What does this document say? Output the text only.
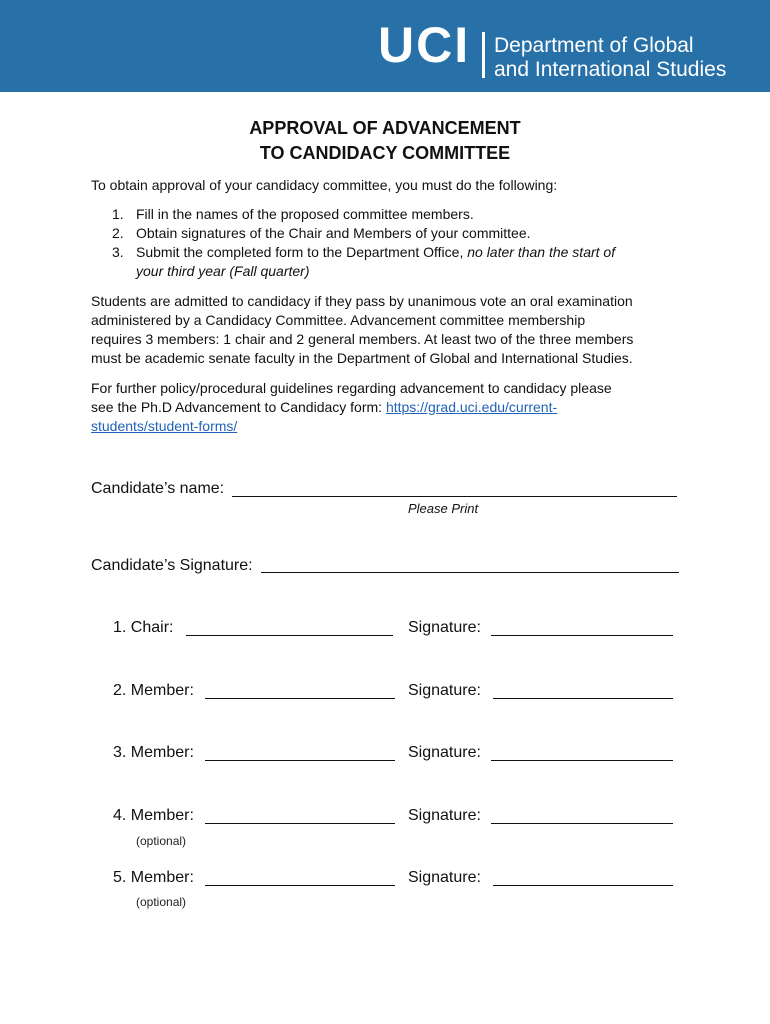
UCI Department of Global
and International Studies
APPROVAL OF ADVANCEMENT
TO CANDIDACY COMMITTEE
To obtain approval of your candidacy committee, you must do the following:
1. Fill in the names of the proposed committee members.
2. Obtain signatures of the Chair and Members of your committee.
3. Submit the completed form to the Department Office, no later than the start of
your third year (Fall quarter)
Students are admitted to candidacy if they pass by unanimous vote an oral examination
administered by a Candidacy Committee. Advancement committee membership
requires 3 members: 1 chair and 2 general members. At least two of the three members
must be academic senate faculty in the Department of Global and International Studies.
For further policy/procedural guidelines regarding advancement to candidacy please
see the Ph.D Advancement to Candidacy form: https://grad.uci.edu/current-
students/student-forms/
Candidate’s name:
Please Print
Candidate’s Signature:
1. Chair:	Signature:
2. Member:	Signature:
3. Member:	Signature:
4. Member:	Signature:
(optional)
5. Member:	Signature:
(optional)
